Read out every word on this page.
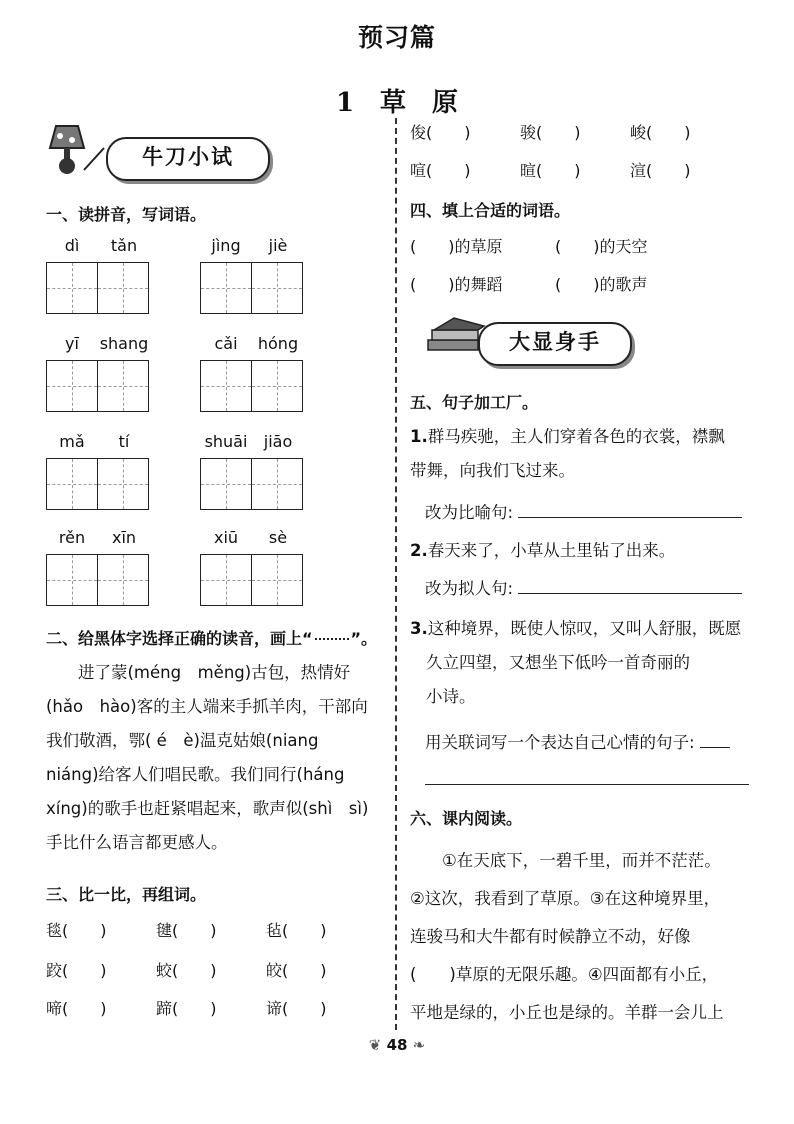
预习篇
1 草 原
牛刀小试
一、读拼音，写词语。
dì tǎn	jìng jiè
yī shang	cǎi hóng
mǎ tí	shuāi jiāo
rěn xīn	xiū sè
二、给黑体字选择正确的读音，画上“ ”。
进了蒙(méng　měng)古包，热情好
(hǎo　hào)客的主人端来手抓羊肉，干部向
我们敬酒，鄂( é　è)温克姑娘(niang
niáng)给客人们唱民歌。我们同行(háng
xíng)的歌手也赶紧唱起来，歌声似(shì　sì)
手比什么语言都更感人。
三、比一比，再组词。
毯(　　)	毽(　　)	毡(　　)
跤(　　)	蛟(　　)	皎(　　)
啼(　　)	蹄(　　)	谛(　　)
俊(　　)	骏(　　)	峻(　　)
喧(　　)	暄(　　)	渲(　　)
四、填上合适的词语。
(　　)的草原	(　　)的天空
(　　)的舞蹈	(　　)的歌声
大显身手
五、句子加工厂。
1.群马疾驰，主人们穿着各色的衣裳，襟飘
带舞，向我们飞过来。
改为比喻句:
2.春天来了，小草从土里钻了出来。
改为拟人句:
3.这种境界，既使人惊叹，又叫人舒服，既愿
久立四望，又想坐下低吟一首奇丽的
小诗。
用关联词写一个表达自己心情的句子:
六、课内阅读。
①在天底下，一碧千里，而并不茫茫。
②这次，我看到了草原。③在这种境界里，
连骏马和大牛都有时候静立不动，好像
(　　)草原的无限乐趣。④四面都有小丘，
平地是绿的，小丘也是绿的。羊群一会儿上
❦ 48 ❧
